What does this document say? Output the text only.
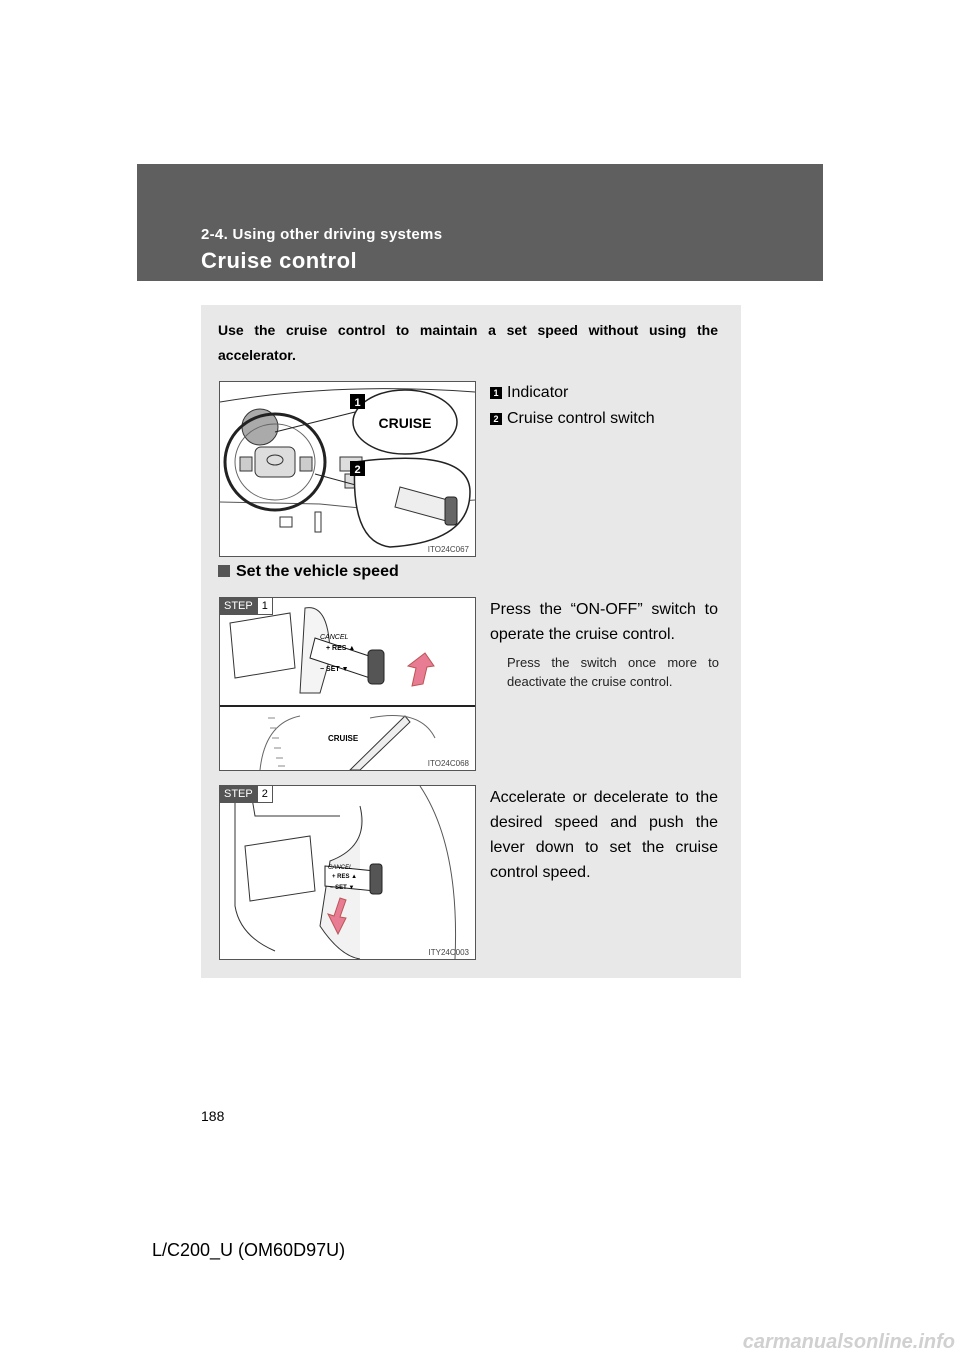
2-4. Using other driving systems
Cruise control
Use the cruise control to maintain a set speed without using the accelerator.
1
CRUISE
2
ITO24C067
1 Indicator
2 Cruise control switch
Set the vehicle speed
CANCEL
+ RES ▲
− SET ▼
CRUISE
STEP 1
ITO24C068
Press the “ON-OFF” switch to operate the cruise control.
Press the switch once more to deactivate the cruise control.
CANCEL
+ RES ▲
− SET ▼
STEP 2
ITY24C003
Accelerate or decelerate to the desired speed and push the lever down to set the cruise control speed.
188
L/C200_U (OM60D97U)
carmanualsonline.info
